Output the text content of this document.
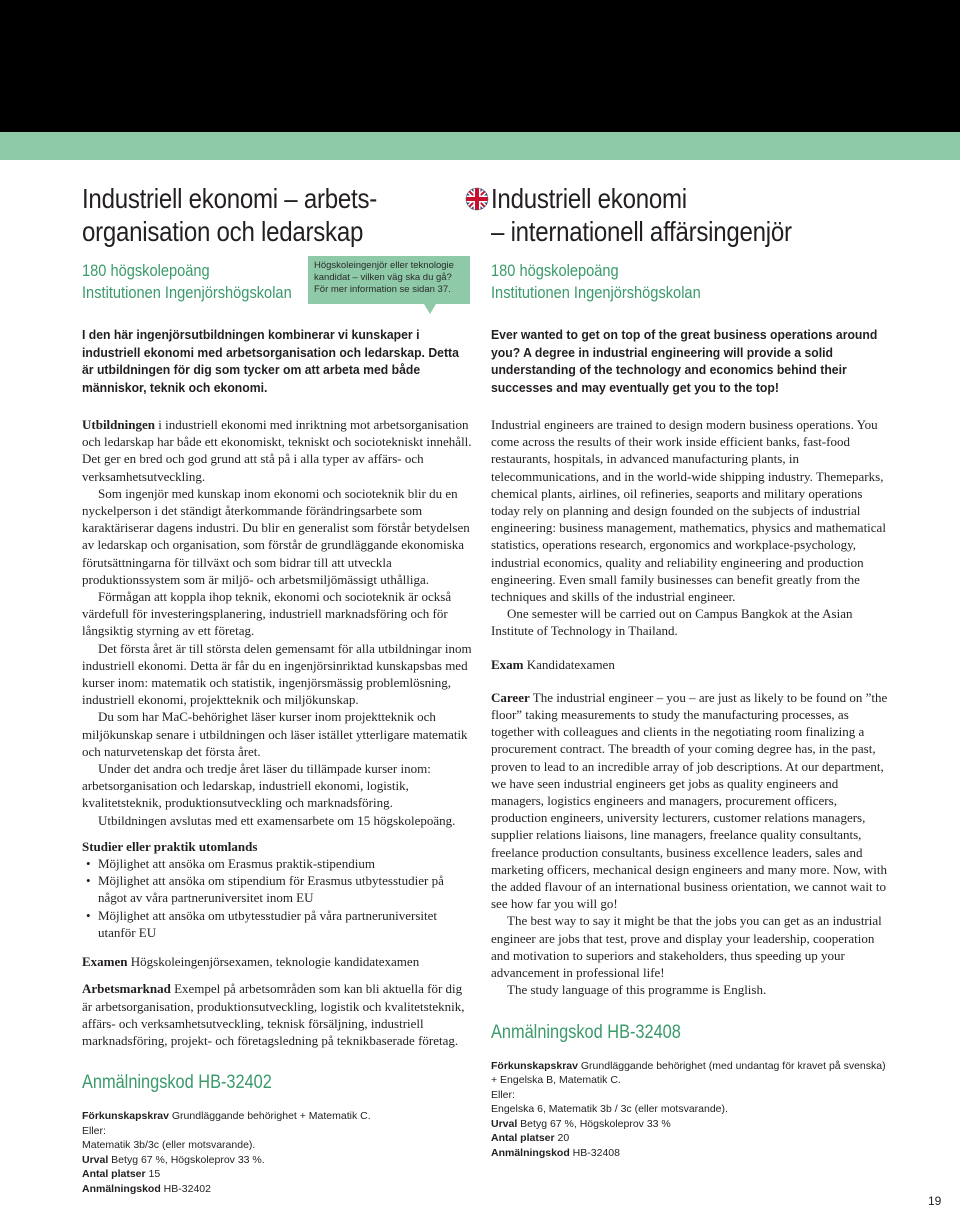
Industriell ekonomi – arbets-
organisation och ledarskap
180 högskolepoäng
Institutionen Ingenjörshögskolan
I den här ingenjörsutbildningen kombinerar vi kunskaper i industriell ekonomi med arbetsorganisation och ledarskap. Detta är utbildningen för dig som tycker om att arbeta med både människor, teknik och ekonomi.

Utbildningen i industriell ekonomi med inriktning mot arbetsorganisation och ledarskap har både ett ekonomiskt, tekniskt och sociotekniskt innehåll. Det ger en bred och god grund att stå på i alla typer av affärs- och verksamhetsutveckling.

Som ingenjör med kunskap inom ekonomi och socioteknik blir du en nyckelperson i det ständigt återkommande förändringsarbete som karaktäriserar dagens industri. Du blir en generalist som förstår betydelsen av ledarskap och organisation, som förstår de grundläggande ekonomiska förutsättningarna för tillväxt och som bidrar till att utveckla produktionssystem som är miljö- och arbetsmiljömässigt uthålliga.

Förmågan att koppla ihop teknik, ekonomi och socioteknik är också värdefull för investeringsplanering, industriell marknadsföring och för långsiktig styrning av ett företag.

Det första året är till största delen gemensamt för alla utbildningar inom industriell ekonomi. Detta är får du en ingenjörsinriktad kunskapsbas med kurser inom: matematik och statistik, ingenjörsmässig problemlösning, industriell ekonomi, projektteknik och miljökunskap.

Du som har MaC-behörighet läser kurser inom projektteknik och miljökunskap senare i utbildningen och läser istället ytterligare matematik och naturvetenskap det första året.

Under det andra och tredje året läser du tillämpade kurser inom: arbetsorganisation och ledarskap, industriell ekonomi, logistik, kvalitetsteknik, produktionsutveckling och marknadsföring.

Utbildningen avslutas med ett examensarbete om 15 högskolepoäng.

Studier eller praktik utomlands

• Möjlighet att ansöka om Erasmus praktik-stipendium
• Möjlighet att ansöka om stipendium för Erasmus utbytesstudier på något av våra partneruniversitet inom EU
• Möjlighet att ansöka om utbytesstudier på våra partneruniversitet utanför EU

Examen Högskoleingenjörsexamen, teknologie kandidatexamen

Arbetsmarknad Exempel på arbetsområden som kan bli aktuella för dig är arbetsorganisation, produktionsutveckling, logistik och kvalitetsteknik, affärs- och verksamhetsutveckling, teknisk försäljning, industriell marknadsföring, projekt- och företagsledning på teknikbaserade företag.

Anmälningskod HB-32402
Förkunskapskrav Grundläggande behörighet + Matematik C.
Eller:
Matematik 3b/3c (eller motsvarande).
Urval Betyg 67 %, Högskoleprov 33 %.
Antal platser 15
Anmälningskod HB-32402
Högskoleingenjör eller teknologie kandidat – vilken väg ska du gå? För mer information se sidan 37.
Industriell ekonomi
– internationell affärsingenjör
180 högskolepoäng
Institutionen Ingenjörshögskolan
Ever wanted to get on top of the great business operations around you? A degree in industrial engineering will provide a solid understanding of the technology and economics behind their successes and may eventually get you to the top!

Industrial engineers are trained to design modern business operations. You come across the results of their work inside efficient banks, fast-food restaurants, hospitals, in advanced manufacturing plants, in telecommunications, and in the world-wide shipping industry. Themeparks, chemical plants, airlines, oil refineries, seaports and military operations today rely on planning and design founded on the subjects of industrial engineering: business management, mathematics, physics and mathematical statistics, operations research, ergonomics and workplace-psychology, industrial economics, quality and reliability engineering and production engineering. Even small family businesses can benefit greatly from the techniques and skills of the industrial engineer.

One semester will be carried out on Campus Bangkok at the Asian Institute of Technology in Thailand.

Exam Kandidatexamen

Career The industrial engineer – you – are just as likely to be found on ”the floor” taking measurements to study the manufacturing processes, as together with colleagues and clients in the negotiating room finalizing a procurement contract. The breadth of your coming degree has, in the past, proven to lead to an incredible array of job descriptions. At our department, we have seen industrial engineers get jobs as quality engineers and managers, logistics engineers and managers, procurement officers, production engineers, university lecturers, customer relations managers, supplier relations liaisons, line managers, freelance quality consultants, freelance production consultants, business excellence leaders, sales and marketing officers, mechanical design engineers and many more. Now, with the added flavour of an international business orientation, we cannot wait to see how far you will go!

The best way to say it might be that the jobs you can get as an industrial engineer are jobs that test, prove and display your leadership, cooperation and motivation to superiors and stakeholders, thus speeding up your advancement in professional life!

The study language of this programme is English.

Anmälningskod HB-32408
Förkunskapskrav Grundläggande behörighet (med undantag för kravet på svenska) + Engelska B, Matematik C.
Eller:
Engelska 6, Matematik 3b / 3c (eller motsvarande).
Urval Betyg 67 %, Högskoleprov 33 %
Antal platser 20
Anmälningskod HB-32408
19
